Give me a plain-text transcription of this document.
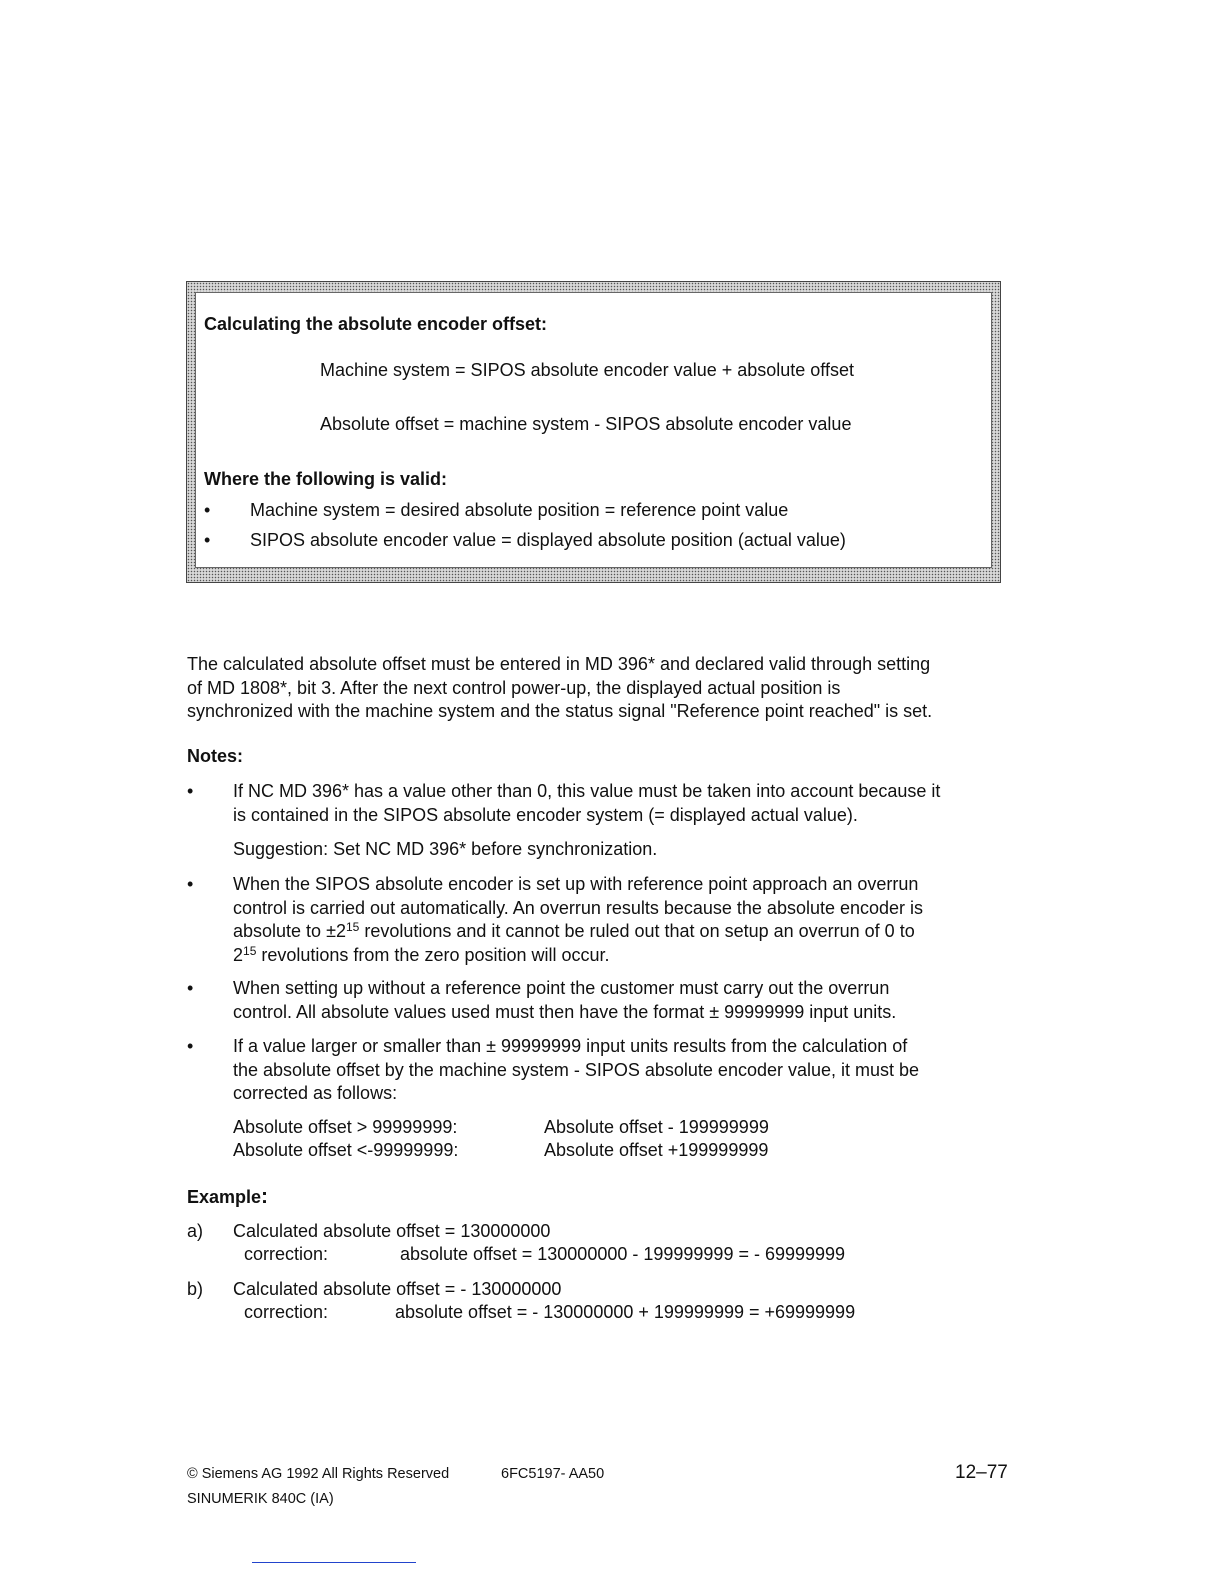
Calculating the absolute encoder offset:
Machine system = SIPOS absolute encoder value + absolute offset
Absolute offset = machine system - SIPOS absolute encoder value
Where the following is valid:
• Machine system = desired absolute position = reference point value
• SIPOS absolute encoder value = displayed absolute position (actual value)
The calculated absolute offset must be entered in MD 396* and declared valid through setting
of MD 1808*, bit 3. After the next control power-up, the displayed actual position is
synchronized with the machine system and the status signal "Reference point reached" is set.
Notes:
• If NC MD 396* has a value other than 0, this value must be taken into account because it
is contained in the SIPOS absolute encoder system (= displayed actual value).
Suggestion: Set NC MD 396* before synchronization.
• When the SIPOS absolute encoder is set up with reference point approach an overrun
control is carried out automatically. An overrun results because the absolute encoder is
absolute to $\pm 2^{15}$ revolutions and it cannot be ruled out that on setup an overrun of 0 to
$2^{15}$ revolutions from the zero position will occur.
• When setting up without a reference point the customer must carry out the overrun
control. All absolute values used must then have the format ± 99999999 input units.
• If a value larger or smaller than ± 99999999 input units results from the calculation of
the absolute offset by the machine system - SIPOS absolute encoder value, it must be
corrected as follows:
Absolute offset > 99999999:	Absolute offset - 199999999
Absolute offset <-99999999:	Absolute offset +199999999
Example:
a) Calculated absolute offset = 130000000
correction:	absolute offset = 130000000 - 199999999 = - 69999999
b) Calculated absolute offset = - 130000000
correction:	absolute offset = - 130000000 + 199999999 = +69999999
© Siemens AG 1992 All Rights Reserved	6FC5197- AA50	12–77
SINUMERIK 840C (IA)
